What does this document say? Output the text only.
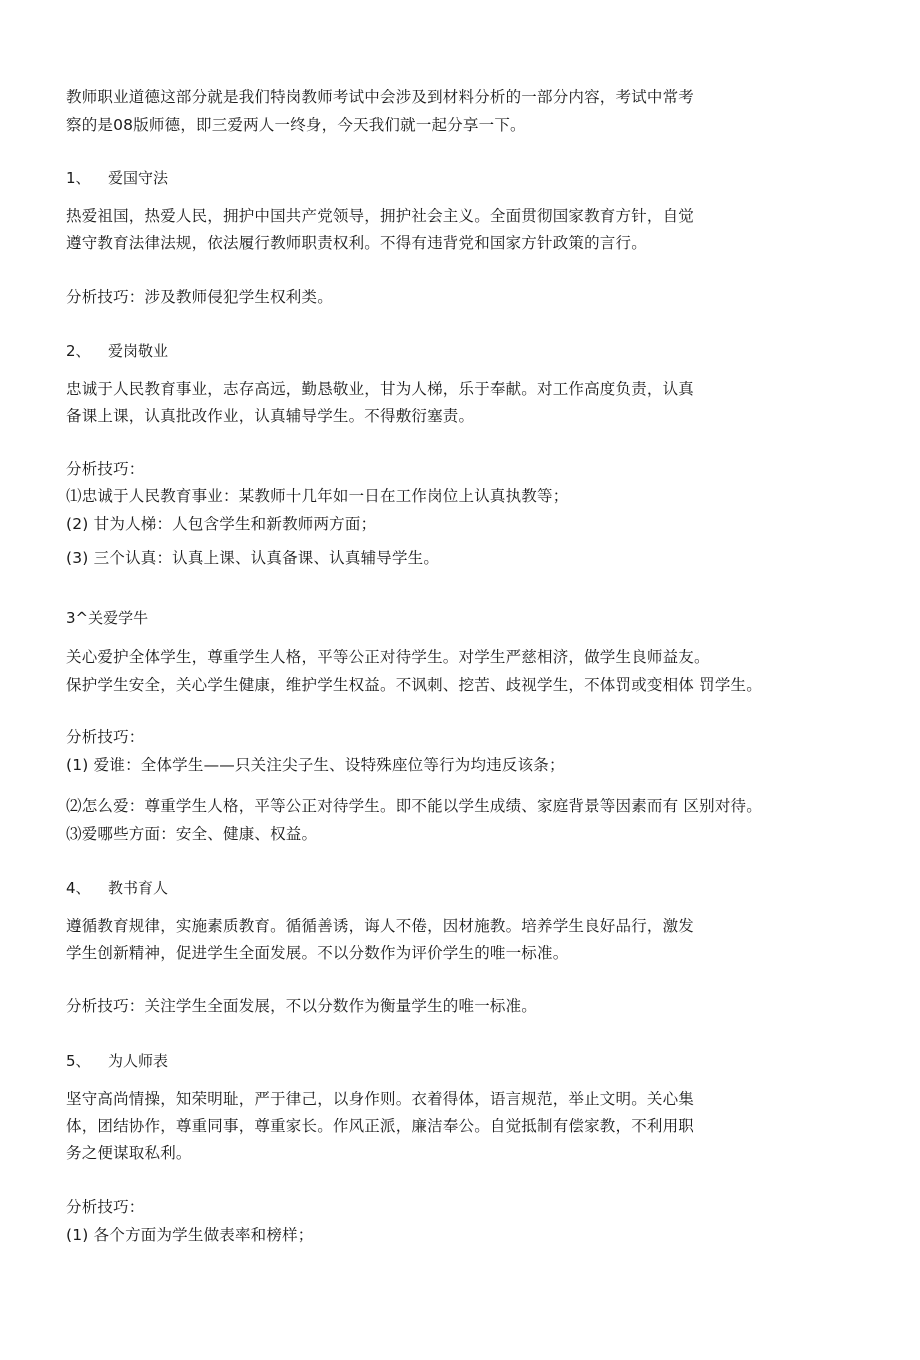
教师职业道德这部分就是我们特岗教师考试中会涉及到材料分析的一部分内容，考试中常考
察的是08版师德，即三爱两人一终身，今天我们就一起分享一下。
1、 爱国守法
热爱祖国，热爱人民，拥护中国共产党领导，拥护社会主义。全面贯彻国家教育方针，自觉
遵守教育法律法规，依法履行教师职责权利。不得有违背党和国家方针政策的言行。
分析技巧：涉及教师侵犯学生权利类。
2、 爱岗敬业
忠诚于人民教育事业，志存高远，勤恳敬业，甘为人梯，乐于奉献。对工作高度负责，认真
备课上课，认真批改作业，认真辅导学生。不得敷衍塞责。
分析技巧：
⑴忠诚于人民教育事业：某教师十几年如一日在工作岗位上认真执教等；
(2) 甘为人梯：人包含学生和新教师两方面；
(3) 三个认真：认真上课、认真备课、认真辅导学生。
3^关爱学牛
关心爱护全体学生，尊重学生人格，平等公正对待学生。对学生严慈相济，做学生良师益友。
保护学生安全，关心学生健康，维护学生权益。不讽刺、挖苦、歧视学生，不体罚或变相体 罚学生。
分析技巧：
(1) 爱谁：全体学生——只关注尖子生、设特殊座位等行为均违反该条；
⑵怎么爱：尊重学生人格，平等公正对待学生。即不能以学生成绩、家庭背景等因素而有 区别对待。
⑶爱哪些方面：安全、健康、权益。
4、 教书育人
遵循教育规律，实施素质教育。循循善诱，诲人不倦，因材施教。培养学生良好品行，激发
学生创新精神，促进学生全面发展。不以分数作为评价学生的唯一标准。
分析技巧：关注学生全面发展，不以分数作为衡量学生的唯一标准。
5、 为人师表
坚守高尚情操，知荣明耻，严于律己，以身作则。衣着得体，语言规范，举止文明。关心集
体，团结协作，尊重同事，尊重家长。作风正派，廉洁奉公。自觉抵制有偿家教，不利用职
务之便谋取私利。
分析技巧：
(1) 各个方面为学生做表率和榜样；
